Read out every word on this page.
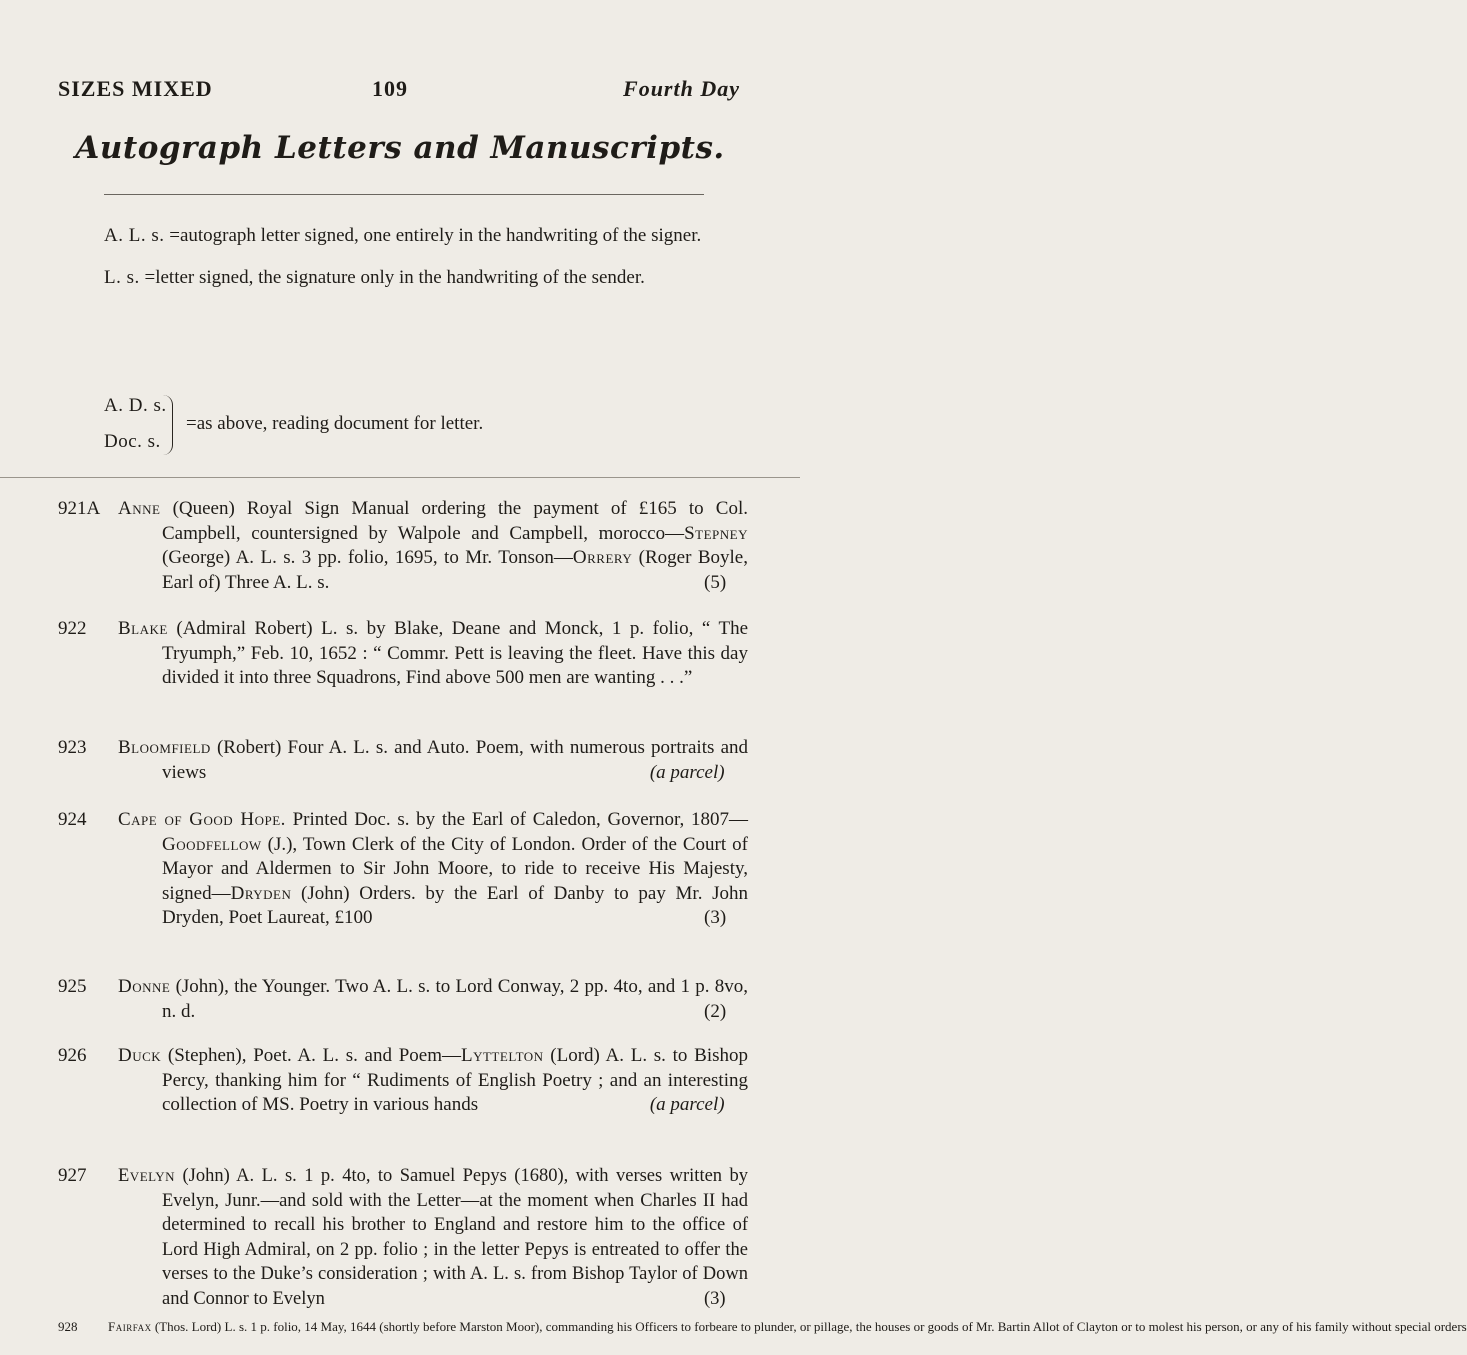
SIZES MIXED	109	Fourth Day
Autograph Letters and Manuscripts.
A. L. s. =autograph letter signed, one entirely in the handwriting of the signer.
L. s. =letter signed, the signature only in the handwriting of the sender.
A. D. s.
Doc. s.
=as above, reading document for letter.
921A Anne (Queen) Royal Sign Manual ordering the payment of £165 to Col. Campbell, countersigned by Walpole and Campbell, morocco—Stepney (George) A. L. s. 3 pp. folio, 1695, to Mr. Tonson—Orrery (Roger Boyle, Earl of) Three A. L. s.	(5)
922	Blake (Admiral Robert) L. s. by Blake, Deane and Monck, 1 p. folio, “ The Tryumph,” Feb. 10, 1652 : “ Commr. Pett is leaving the fleet. Have this day divided it into three Squadrons, Find above 500 men are wanting . . .”
923	Bloomfield (Robert) Four A. L. s. and Auto. Poem, with numerous portraits and views	(a parcel)
924	Cape of Good Hope. Printed Doc. s. by the Earl of Caledon, Governor, 1807—Goodfellow (J.), Town Clerk of the City of London. Order of the Court of Mayor and Aldermen to Sir John Moore, to ride to receive His Majesty, signed—Dryden (John) Orders. by the Earl of Danby to pay Mr. John Dryden, Poet Laureat, £100	(3)
925	Donne (John), the Younger. Two A. L. s. to Lord Conway, 2 pp. 4to, and 1 p. 8vo, n. d.	(2)
926	Duck (Stephen), Poet. A. L. s. and Poem—Lyttelton (Lord) A. L. s. to Bishop Percy, thanking him for “ Rudiments of English Poetry ; and an interesting collection of MS. Poetry in various hands	(a parcel)
927	Evelyn (John) A. L. s. 1 p. 4to, to Samuel Pepys (1680), with verses written by Evelyn, Junr.—and sold with the Letter—at the moment when Charles II had determined to recall his brother to England and restore him to the office of Lord High Admiral, on 2 pp. folio ; in the letter Pepys is entreated to offer the verses to the Duke’s consideration ; with A. L. s. from Bishop Taylor of Down and Connor to Evelyn	(3)
928	Fairfax (Thos. Lord) L. s. 1 p. folio, 14 May, 1644 (shortly before Marston Moor), commanding his Officers to forbeare to plunder, or pillage, the houses or goods of Mr. Bartin Allot of Clayton or to molest his person, or any of his family without special orders
